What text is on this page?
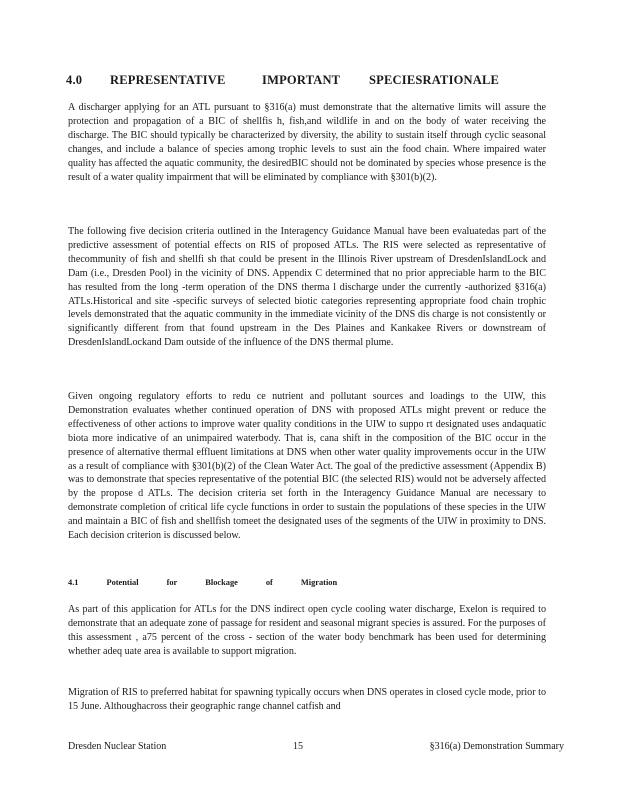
4.0	REPRESENTATIVE	IMPORTANT	SPECIESRATIONALE

A discharger applying for an ATL pursuant to §316(a) must demonstrate that the alternative limits will assure the protection and propagation of a BIC of shellfis h, fish,and wildlife in and on the body of water receiving the discharge. The BIC should typically be characterized by diversity, the ability to sustain itself through cyclic seasonal changes, and include a balance of species among trophic levels to sust ain the food chain. Where impaired water quality has affected the aquatic community, the desiredBIC should not be dominated by species whose presence is the result of a water quality impairment that will be eliminated by compliance with §301(b)(2).

The following five decision criteria outlined in the Interagency Guidance Manual have been evaluatedas part of the predictive assessment of potential effects on RIS of proposed ATLs. The RIS were selected as representative of thecommunity of fish and shellfi sh that could be present in the Illinois River upstream of DresdenIslandLock and Dam (i.e., Dresden Pool) in the vicinity of DNS. Appendix C determined that no prior appreciable harm to the BIC has resulted from the long -term operation of the DNS therma l discharge under the currently -authorized §316(a) ATLs.Historical and site -specific surveys of selected biotic categories representing appropriate food chain trophic levels demonstrated that the aquatic community in the immediate vicinity of the DNS dis charge is not consistently or significantly different from that found upstream in the Des Plaines and Kankakee Rivers or downstream of DresdenIslandLockand Dam outside of the influence of the DNS thermal plume.

Given ongoing regulatory efforts to redu ce nutrient and pollutant sources and loadings to the UIW, this Demonstration evaluates whether continued operation of DNS with proposed ATLs might prevent or reduce the effectiveness of other actions to improve water quality conditions in the UIW to suppo rt designated uses andaquatic biota more indicative of an unimpaired waterbody. That is, cana shift in the composition of the BIC occur in the presence of alternative thermal effluent limitations at DNS when other water quality improvements occur in the UIW as a result of compliance with §301(b)(2) of the Clean Water Act. The goal of the predictive assessment (Appendix B) was to demonstrate that species representative of the potential BIC (the selected RIS) would not be adversely affected by the propose d ATLs. The decision criteria set forth in the Interagency Guidance Manual are necessary to demonstrate completion of critical life cycle functions in order to sustain the populations of these species in the UIW and maintain a BIC of fish and shellfish tomeet the designated uses of the segments of the UIW in proximity to DNS. Each decision criterion is discussed below.

4.1	Potential	for	Blockage	of	Migration

As part of this application for ATLs for the DNS indirect open cycle cooling water discharge, Exelon is required to demonstrate that an adequate zone of passage for resident and seasonal migrant species is assured. For the purposes of this assessment , a75 percent of the cross - section of the water body benchmark has been used for determining whether adeq uate area is available to support migration.

Migration of RIS to preferred habitat for spawning typically occurs when DNS operates in closed cycle mode, prior to 15 June. Althoughacross their geographic range channel catfish and

Dresden Nuclear Station	15	§316(a) Demonstration Summary
